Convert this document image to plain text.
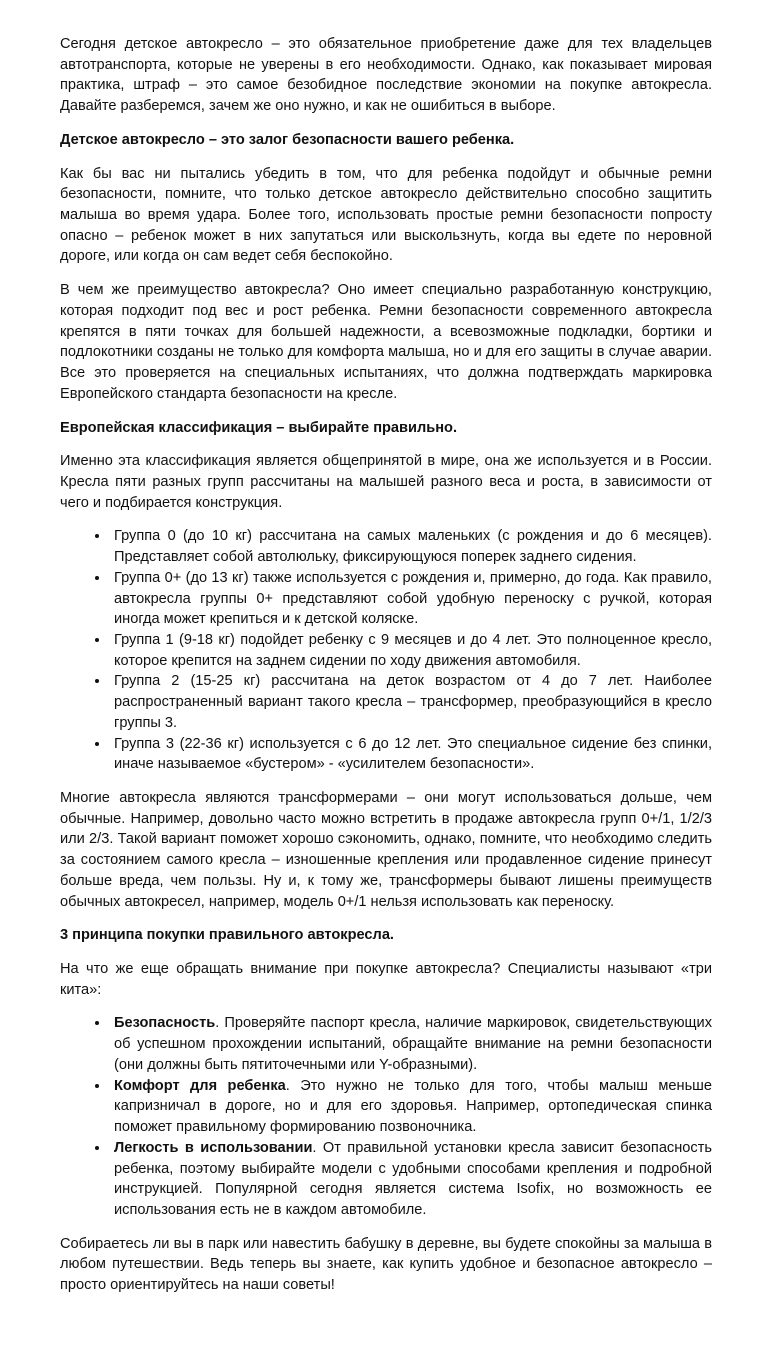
Сегодня детское автокресло – это обязательное приобретение даже для тех владельцев автотранспорта, которые не уверены в его необходимости. Однако, как показывает мировая практика, штраф – это самое безобидное последствие экономии на покупке автокресла. Давайте разберемся, зачем же оно нужно, и как не ошибиться в выборе.

Детское автокресло – это залог безопасности вашего ребенка.

Как бы вас ни пытались убедить в том, что для ребенка подойдут и обычные ремни безопасности, помните, что только детское автокресло действительно способно защитить малыша во время удара. Более того, использовать простые ремни безопасности попросту опасно – ребенок может в них запутаться или выскользнуть, когда вы едете по неровной дороге, или когда он сам ведет себя беспокойно.

В чем же преимущество автокресла? Оно имеет специально разработанную конструкцию, которая подходит под вес и рост ребенка. Ремни безопасности современного автокресла крепятся в пяти точках для большей надежности, а всевозможные подкладки, бортики и подлокотники созданы не только для комфорта малыша, но и для его защиты в случае аварии. Все это проверяется на специальных испытаниях, что должна подтверждать маркировка Европейского стандарта безопасности на кресле.

Европейская классификация – выбирайте правильно.

Именно эта классификация является общепринятой в мире, она же используется и в России. Кресла пяти разных групп рассчитаны на малышей разного веса и роста, в зависимости от чего и подбирается конструкция.

• Группа 0 (до 10 кг) рассчитана на самых маленьких (с рождения и до 6 месяцев). Представляет собой автолюльку, фиксирующуюся поперек заднего сидения.
• Группа 0+ (до 13 кг) также используется с рождения и, примерно, до года. Как правило, автокресла группы 0+ представляют собой удобную переноску с ручкой, которая иногда может крепиться и к детской коляске.
• Группа 1 (9-18 кг) подойдет ребенку с 9 месяцев и до 4 лет. Это полноценное кресло, которое крепится на заднем сидении по ходу движения автомобиля.
• Группа 2 (15-25 кг) рассчитана на деток возрастом от 4 до 7 лет. Наиболее распространенный вариант такого кресла – трансформер, преобразующийся в кресло группы 3.
• Группа 3 (22-36 кг) используется с 6 до 12 лет. Это специальное сидение без спинки, иначе называемое «бустером» - «усилителем безопасности».

Многие автокресла являются трансформерами – они могут использоваться дольше, чем обычные. Например, довольно часто можно встретить в продаже автокресла групп 0+/1, 1/2/3 или 2/3. Такой вариант поможет хорошо сэкономить, однако, помните, что необходимо следить за состоянием самого кресла – изношенные крепления или продавленное сидение принесут больше вреда, чем пользы. Ну и, к тому же, трансформеры бывают лишены преимуществ обычных автокресел, например, модель 0+/1 нельзя использовать как переноску.

3 принципа покупки правильного автокресла.

На что же еще обращать внимание при покупке автокресла? Специалисты называют «три кита»:

• Безопасность. Проверяйте паспорт кресла, наличие маркировок, свидетельствующих об успешном прохождении испытаний, обращайте внимание на ремни безопасности (они должны быть пятиточечными или Y-образными).
• Комфорт для ребенка. Это нужно не только для того, чтобы малыш меньше капризничал в дороге, но и для его здоровья. Например, ортопедическая спинка поможет правильному формированию позвоночника.
• Легкость в использовании. От правильной установки кресла зависит безопасность ребенка, поэтому выбирайте модели с удобными способами крепления и подробной инструкцией. Популярной сегодня является система Isofix, но возможность ее использования есть не в каждом автомобиле.

Собираетесь ли вы в парк или навестить бабушку в деревне, вы будете спокойны за малыша в любом путешествии. Ведь теперь вы знаете, как купить удобное и безопасное автокресло – просто ориентируйтесь на наши советы!
